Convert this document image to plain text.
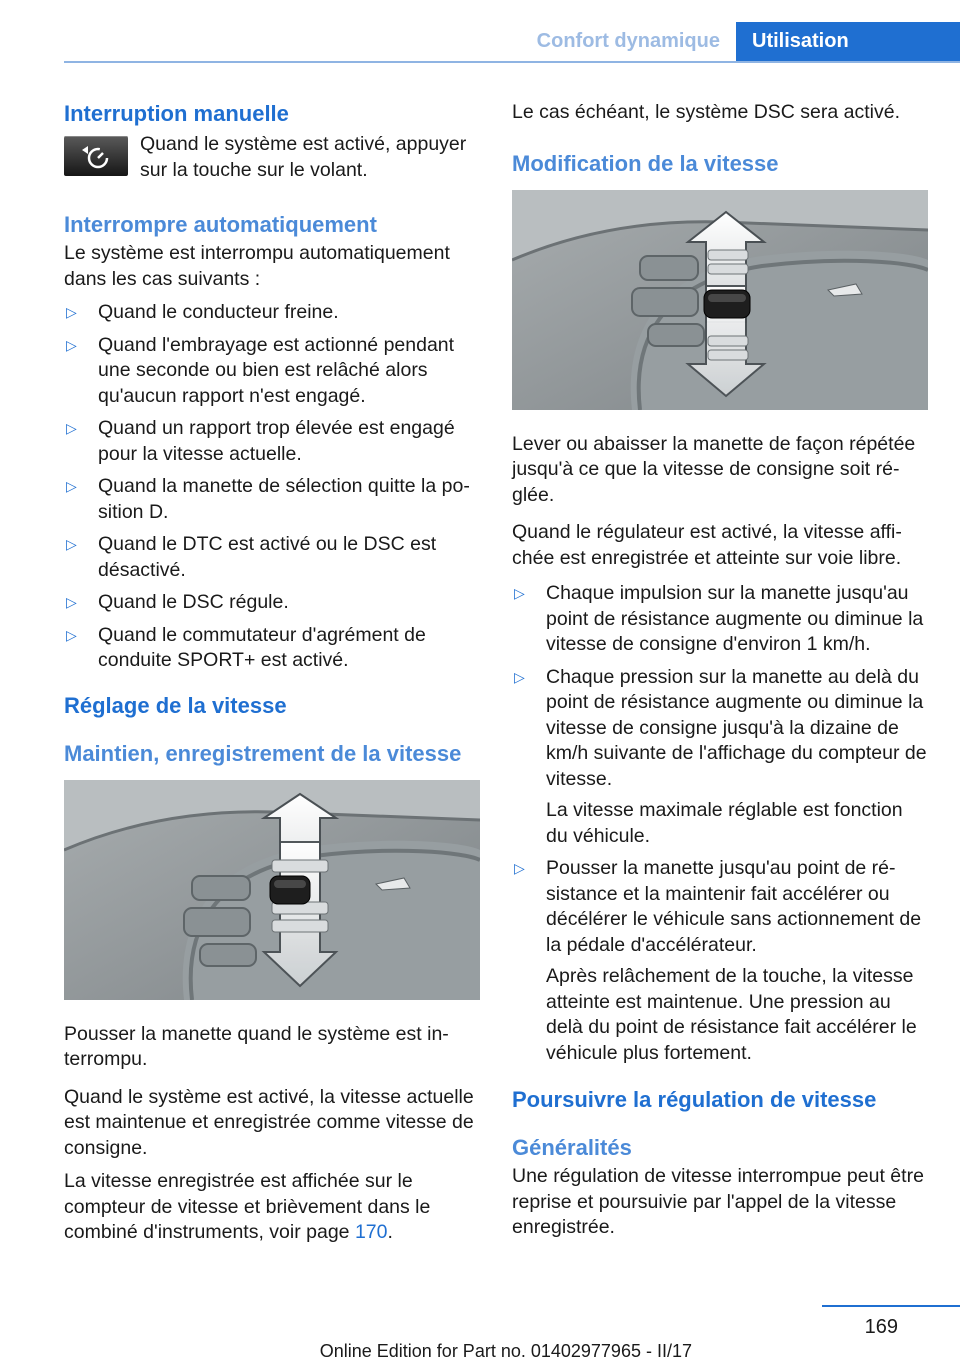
Confort dynamique	Utilisation
Interruption manuelle

Quand le système est activé, appuyer sur la touche sur le volant.

Interrompre automatiquement

Le système est interrompu automatiquement dans les cas suivants :

▷ Quand le conducteur freine.
▷ Quand l'embrayage est actionné pendant une seconde ou bien est relâché alors qu'aucun rapport n'est engagé.
▷ Quand un rapport trop élevée est engagé pour la vitesse actuelle.
▷ Quand la manette de sélection quitte la position D.
▷ Quand le DTC est activé ou le DSC est désactivé.
▷ Quand le DSC régule.
▷ Quand le commutateur d'agrément de conduite SPORT+ est activé.
Réglage de la vitesse
Maintien, enregistrement de la vitesse

Pousser la manette quand le système est interrompu.

Quand le système est activé, la vitesse actuelle est maintenue et enregistrée comme vitesse de consigne.

La vitesse enregistrée est affichée sur le compteur de vitesse et brièvement dans le combiné d'instruments, voir page 170.

Le cas échéant, le système DSC sera activé.

Modification de la vitesse

Lever ou abaisser la manette de façon répétée jusqu'à ce que la vitesse de consigne soit réglée.

Quand le régulateur est activé, la vitesse affichée est enregistrée et atteinte sur voie libre.

▷ Chaque impulsion sur la manette jusqu'au point de résistance augmente ou diminue la vitesse de consigne d'environ 1 km/h.
▷ Chaque pression sur la manette au delà du point de résistance augmente ou diminue la vitesse de consigne jusqu'à la dizaine de km/h suivante de l'affichage du compteur de vitesse.
La vitesse maximale réglable est fonction du véhicule.
▷ Pousser la manette jusqu'au point de résistance et la maintenir fait accélérer ou décélérer le véhicule sans actionnement de la pédale d'accélérateur.
Après relâchement de la touche, la vitesse atteinte est maintenue. Une pression au delà du point de résistance fait accélérer le véhicule plus fortement.
Poursuivre la régulation de vitesse
Généralités

Une régulation de vitesse interrompue peut être reprise et poursuivie par l'appel de la vitesse enregistrée.

169
Online Edition for Part no. 01402977965 - II/17
